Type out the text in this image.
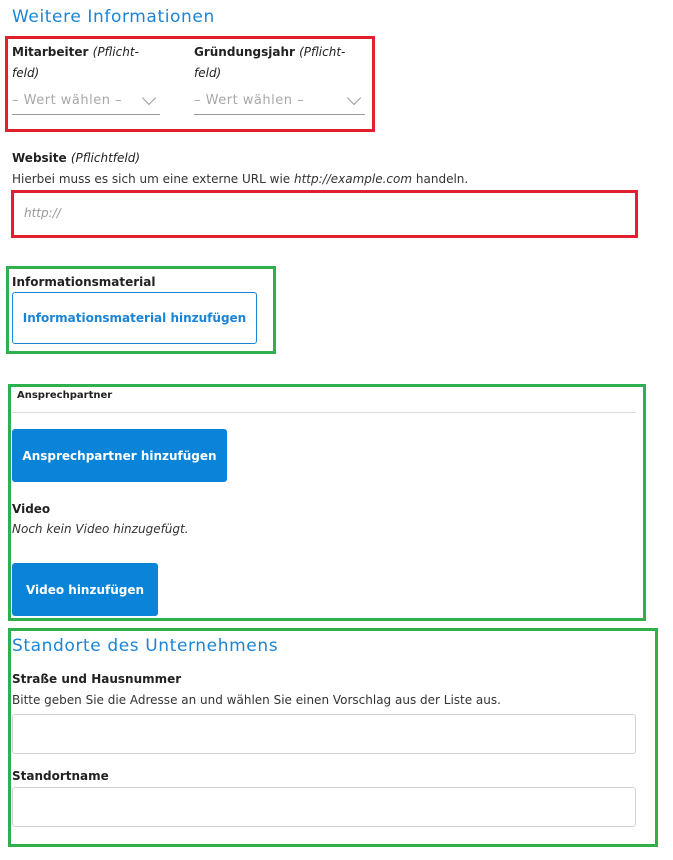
Weitere Informationen
Mitarbeiter (Pflicht-
feld)
– Wert wählen –
Gründungsjahr (Pflicht-
feld)
– Wert wählen –
Website (Pflichtfeld)
Hierbei muss es sich um eine externe URL wie http://example.com handeln.
http://
Informationsmaterial
Informationsmaterial hinzufügen
Ansprechpartner
Ansprechpartner hinzufügen
Video
Noch kein Video hinzugefügt.
Video hinzufügen
Standorte des Unternehmens
Straße und Hausnummer
Bitte geben Sie die Adresse an und wählen Sie einen Vorschlag aus der Liste aus.
Standortname
